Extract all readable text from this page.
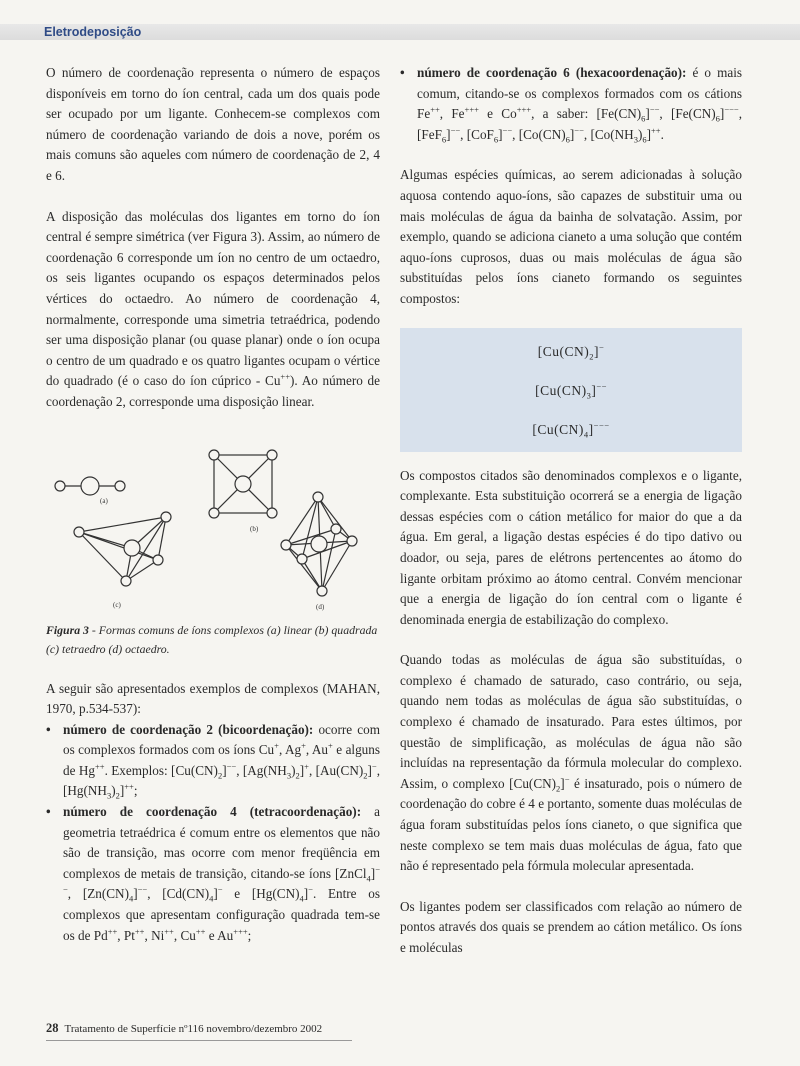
Eletrodeposição

O número de coordenação representa o número de espaços disponíveis em torno do íon central, cada um dos quais pode ser ocupado por um ligante. Conhecem-se complexos com número de coordenação variando de dois a nove, porém os mais comuns são aqueles com número de coordenação de 2, 4 e 6.

A disposição das moléculas dos ligantes em torno do íon central é sempre simétrica (ver Figura 3). Assim, ao número de coordenação 6 corresponde um íon no centro de um octaedro, os seis ligantes ocupando os espaços determinados pelos vértices do octaedro. Ao número de coordenação 4, normalmente, corresponde uma simetria tetraédrica, podendo ser uma disposição planar (ou quase planar) onde o íon ocupa o centro de um quadrado e os quatro ligantes ocupam o vértice do quadrado (é o caso do íon cúprico - Cu++). Ao número de coordenação 2, corresponde uma disposição linear.

(a)
(b)
(c)	(d)
Figura 3 - Formas comuns de íons complexos (a) linear (b) quadrada (c) tetraedro (d) octaedro.

A seguir são apresentados exemplos de complexos (MAHAN, 1970, p.534-537):

• número de coordenação 2 (bicoordenação): ocorre com os complexos formados com os íons Cu+, Ag+, Au+ e alguns de Hg++. Exemplos: $[Cu(CN)_2]^{--}$, $[Ag(NH_3)_2]^+$, $[Au(CN)_2]^-$, $[Hg(NH_3)_2]^{++}$;

• número de coordenação 4 (tetracoordenação): a geometria tetraédrica é comum entre os elementos que não são de transição, mas ocorre com menor freqüência em complexos de metais de transição, citando-se íons [ZnCl$_4$]−−, $[Zn(CN)_4]^{--}$, $[Cd(CN)_4]^-$ e $[Hg(CN)_4]^-$. Entre os complexos que apresentam configuração quadrada tem-se os de Pd++, Pt++, Ni++, Cu++ e Au+++;

• número de coordenação 6 (hexacoordenação): é o mais comum, citando-se os complexos formados com os cátions Fe++, Fe+++ e Co+++, a saber: $[Fe(CN)_6]^{--}$, $[Fe(CN)_6]^{---}$, [FeF$_6$]−−, [CoF$_6$]−−, $[Co(CN)_6]^{--}$, $[Co(NH_3)_6]^{++}$.

Algumas espécies químicas, ao serem adicionadas à solução aquosa contendo aquo-íons, são capazes de substituir uma ou mais moléculas de água da bainha de solvatação. Assim, por exemplo, quando se adiciona cianeto a uma solução que contém aquo-íons cuprosos, duas ou mais moléculas de água são substituídas pelos íons cianeto formando os seguintes compostos:

$[Cu(CN)_2]^-$
$[Cu(CN)_3]^{--}$
$[Cu(CN)_4]^{---}$

Os compostos citados são denominados complexos e o ligante, complexante. Esta substituição ocorrerá se a energia de ligação dessas espécies com o cátion metálico for maior do que a da água. Em geral, a ligação destas espécies é do tipo dativo ou doador, ou seja, pares de elétrons pertencentes ao átomo do ligante orbitam próximo ao átomo central. Convém mencionar que a energia de ligação do íon central com o ligante é denominada energia de estabilização do complexo.

Quando todas as moléculas de água são substituídas, o complexo é chamado de saturado, caso contrário, ou seja, quando nem todas as moléculas de água são substituídas, o complexo é chamado de insaturado. Para estes últimos, por questão de simplificação, as moléculas de água não são incluídas na representação da fórmula molecular do complexo. Assim, o complexo $[Cu(CN)_2]^-$ é insaturado, pois o número de coordenação do cobre é 4 e portanto, somente duas moléculas de água foram substituídas pelos íons cianeto, o que significa que neste complexo se tem mais duas moléculas de água, fato que não é representado pela fórmula molecular apresentada.

Os ligantes podem ser classificados com relação ao número de pontos através dos quais se prendem ao cátion metálico. Os íons e moléculas

28 Tratamento de Superfície nº116 novembro/dezembro 2002
